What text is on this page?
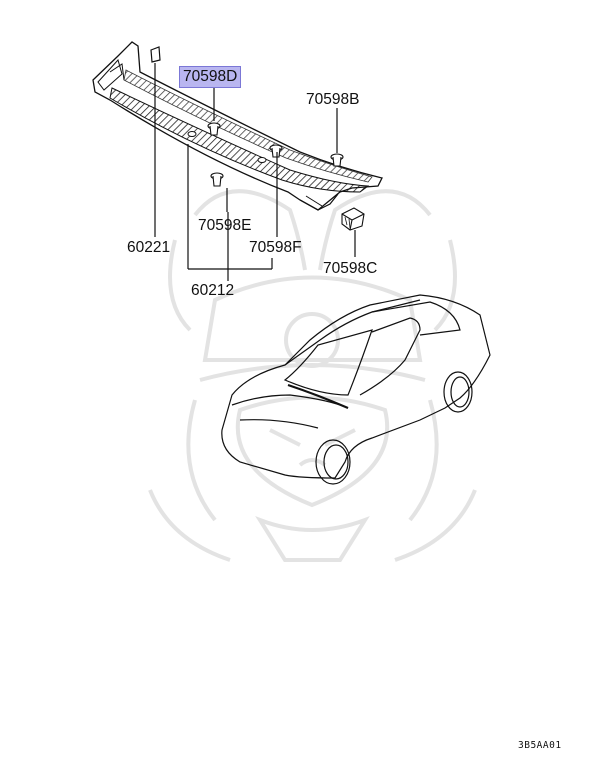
70598D
70598B
70598E
60221	70598F
70598C
60212
3B5AA01
